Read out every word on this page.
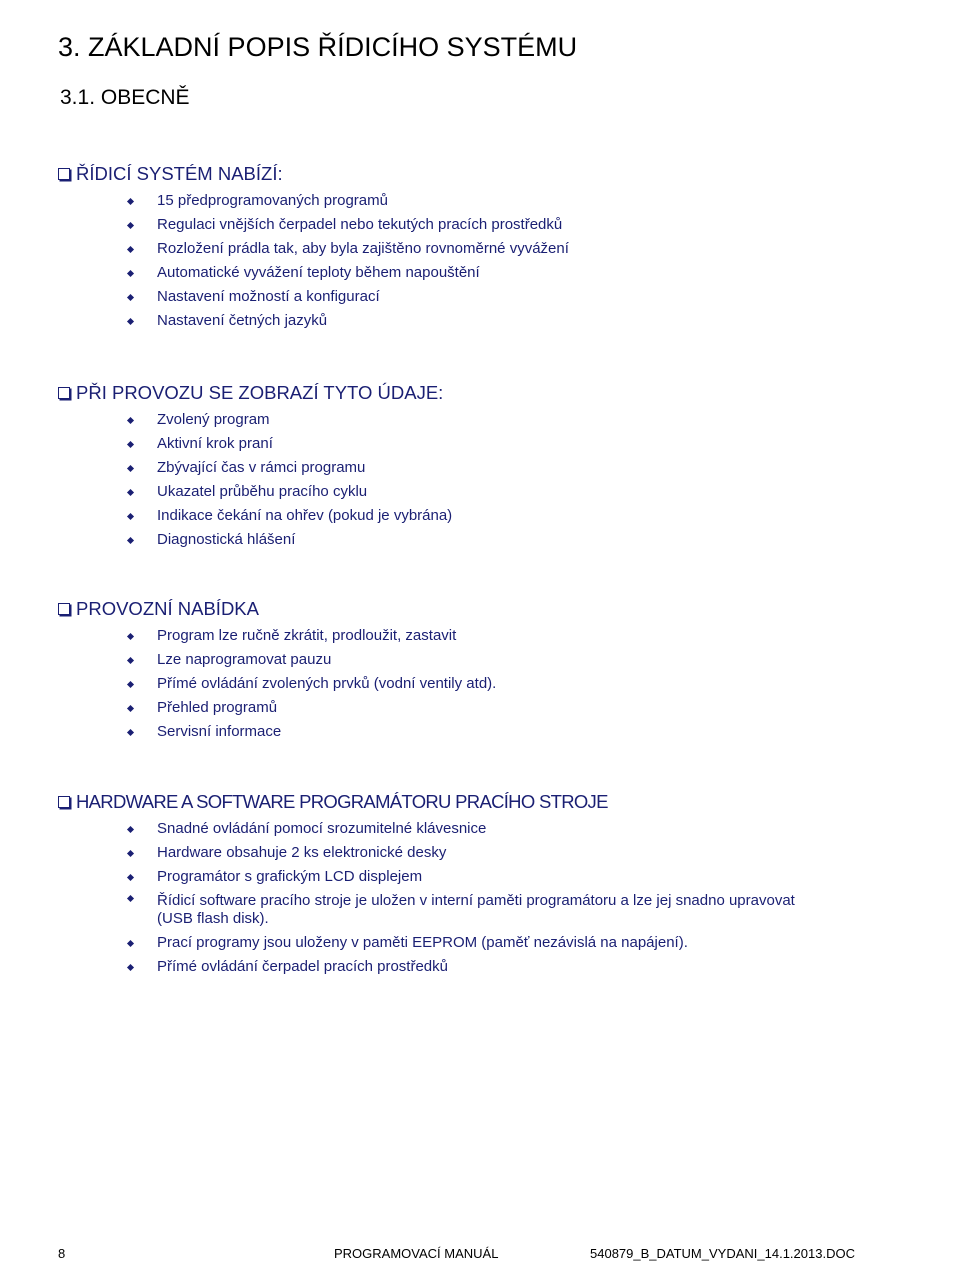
3. ZÁKLADNÍ POPIS ŘÍDICÍHO SYSTÉMU
3.1. OBECNĚ
ŘÍDICÍ SYSTÉM NABÍZÍ:
15 předprogramovaných programů
Regulaci vnějších čerpadel nebo tekutých pracích prostředků
Rozložení prádla tak, aby byla zajištěno rovnoměrné vyvážení
Automatické vyvážení teploty během napouštění
Nastavení možností a konfigurací
Nastavení četných jazyků
PŘI PROVOZU SE ZOBRAZÍ TYTO ÚDAJE:
Zvolený program
Aktivní krok praní
Zbývající čas v rámci programu
Ukazatel průběhu pracího cyklu
Indikace čekání na ohřev (pokud je vybrána)
Diagnostická hlášení
PROVOZNÍ NABÍDKA
Program lze ručně zkrátit, prodloužit, zastavit
Lze naprogramovat pauzu
Přímé ovládání zvolených prvků (vodní ventily atd).
Přehled programů
Servisní informace
HARDWARE A SOFTWARE PROGRAMÁTORU PRACÍHO STROJE
Snadné ovládání pomocí srozumitelné klávesnice
Hardware obsahuje 2 ks elektronické desky
Programátor s grafickým LCD displejem
Řídicí software pracího stroje je uložen v interní paměti programátoru a lze jej snadno upravovat (USB flash disk).
Prací programy jsou uloženy v paměti EEPROM (paměť nezávislá na napájení).
Přímé ovládání čerpadel pracích prostředků
8	PROGRAMOVACÍ MANUÁL	540879_B_DATUM_VYDANI_14.1.2013.DOC
